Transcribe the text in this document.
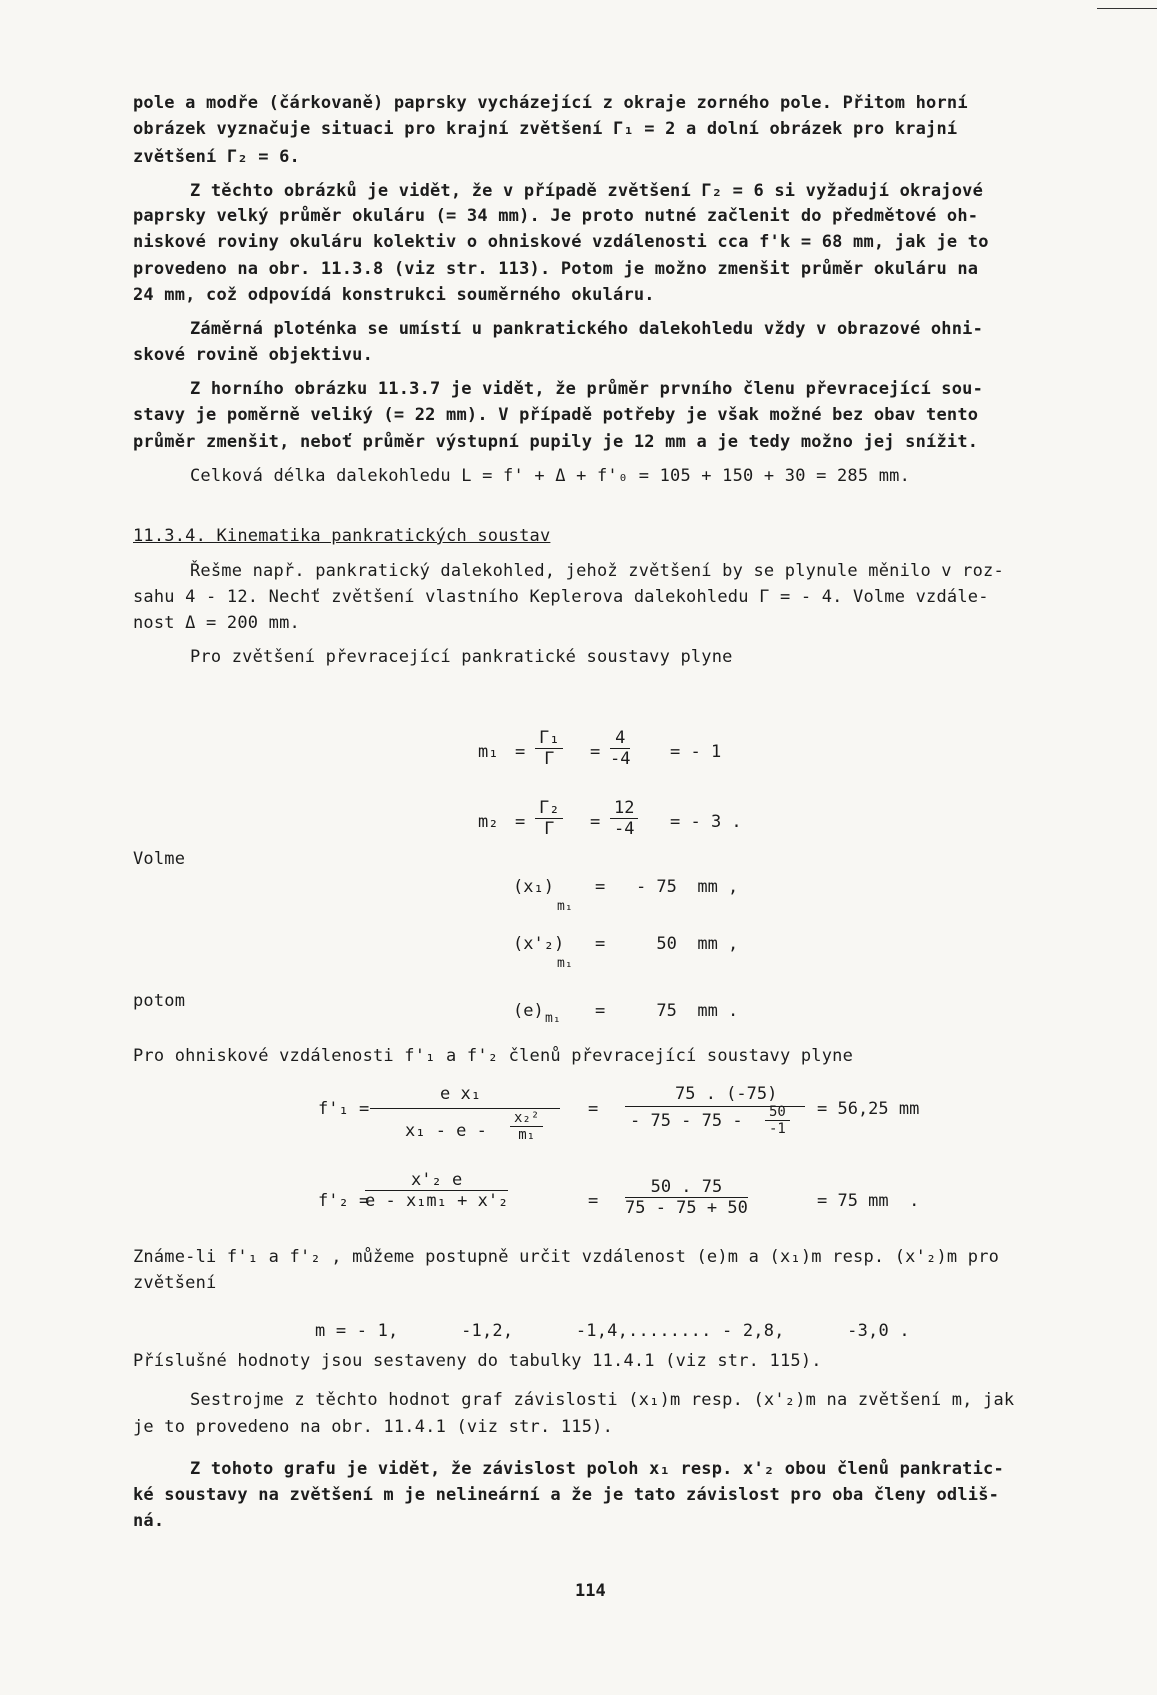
pole a modře (čárkovaně) paprsky vycházející z okraje zorného pole. Přitom horní
obrázek vyznačuje situaci pro krajní zvětšení Γ₁ = 2 a dolní obrázek pro krajní
zvětšení Γ₂ = 6.
Z těchto obrázků je vidět, že v případě zvětšení Γ₂ = 6 si vyžadují okrajové
paprsky velký průměr okuláru (= 34 mm). Je proto nutné začlenit do předmětové oh-
niskové roviny okuláru kolektiv o ohniskové vzdálenosti cca f'k = 68 mm, jak je to
provedeno na obr. 11.3.8 (viz str. 113). Potom je možno zmenšit průměr okuláru na
24 mm, což odpovídá konstrukci souměrného okuláru.
Záměrná ploténka se umístí u pankratického dalekohledu vždy v obrazové ohni-
skové rovině objektivu.
Z horního obrázku 11.3.7 je vidět, že průměr prvního členu převracející sou-
stavy je poměrně veliký (= 22 mm). V případě potřeby je však možné bez obav tento
průměr zmenšit, neboť průměr výstupní pupily je 12 mm a je tedy možno jej snížit.
Celková délka dalekohledu L = f' + Δ + f'₀ = 105 + 150 + 30 = 285 mm.
11.3.4. Kinematika pankratických soustav
Řešme např. pankratický dalekohled, jehož zvětšení by se plynule měnilo v roz-
sahu 4 - 12. Nechť zvětšení vlastního Keplerova dalekohledu Γ = - 4. Volme vzdále-
nost Δ = 200 mm.
Pro zvětšení převracející pankratické soustavy plyne
$m_1 = \frac{\text{Γ₁}}{\Gamma} = \frac{4}{-4}$ = - 1
$m_2 = \frac{\text{Γ₂}}{\Gamma} = \frac{12}{-4}$ = - 3 .
Volme
(x₁)
m₁
=   - 75  mm ,
(x'₂)
m₁
=     50  mm ,
potom	(e) m₁ =     75  mm .
Pro ohniskové vzdálenosti f'₁ a f'₂ členů převracející soustavy plyne
f'₁ =
e x₁
x₁ - e - $\frac{\text{x₂²}}{\text{m₁}}$
=
75 . (-75)
- $75 - 75 - \frac{50}{-1} = 56,25$ mm
f'₂ =
$\frac{\text{x'₂ e}}{\text{e - x₁m₁ + x'₂}}$	= $\frac{50 . 75}{75 - 75 + 50}$	= 75 mm  .
Známe-li f'₁ a f'₂ , můžeme postupně určit vzdálenost (e)m a (x₁)m resp. (x'₂)m pro
zvětšení
m = - 1,      -1,2,      -1,4,........ - 2,8,      -3,0 .
Příslušné hodnoty jsou sestaveny do tabulky 11.4.1 (viz str. 115).
Sestrojme z těchto hodnot graf závislosti (x₁)m resp. (x'₂)m na zvětšení m, jak
je to provedeno na obr. 11.4.1 (viz str. 115).
Z tohoto grafu je vidět, že závislost poloh x₁ resp. x'₂ obou členů pankratic-
ké soustavy na zvětšení m je nelineární a že je tato závislost pro oba členy odliš-
ná.
114
